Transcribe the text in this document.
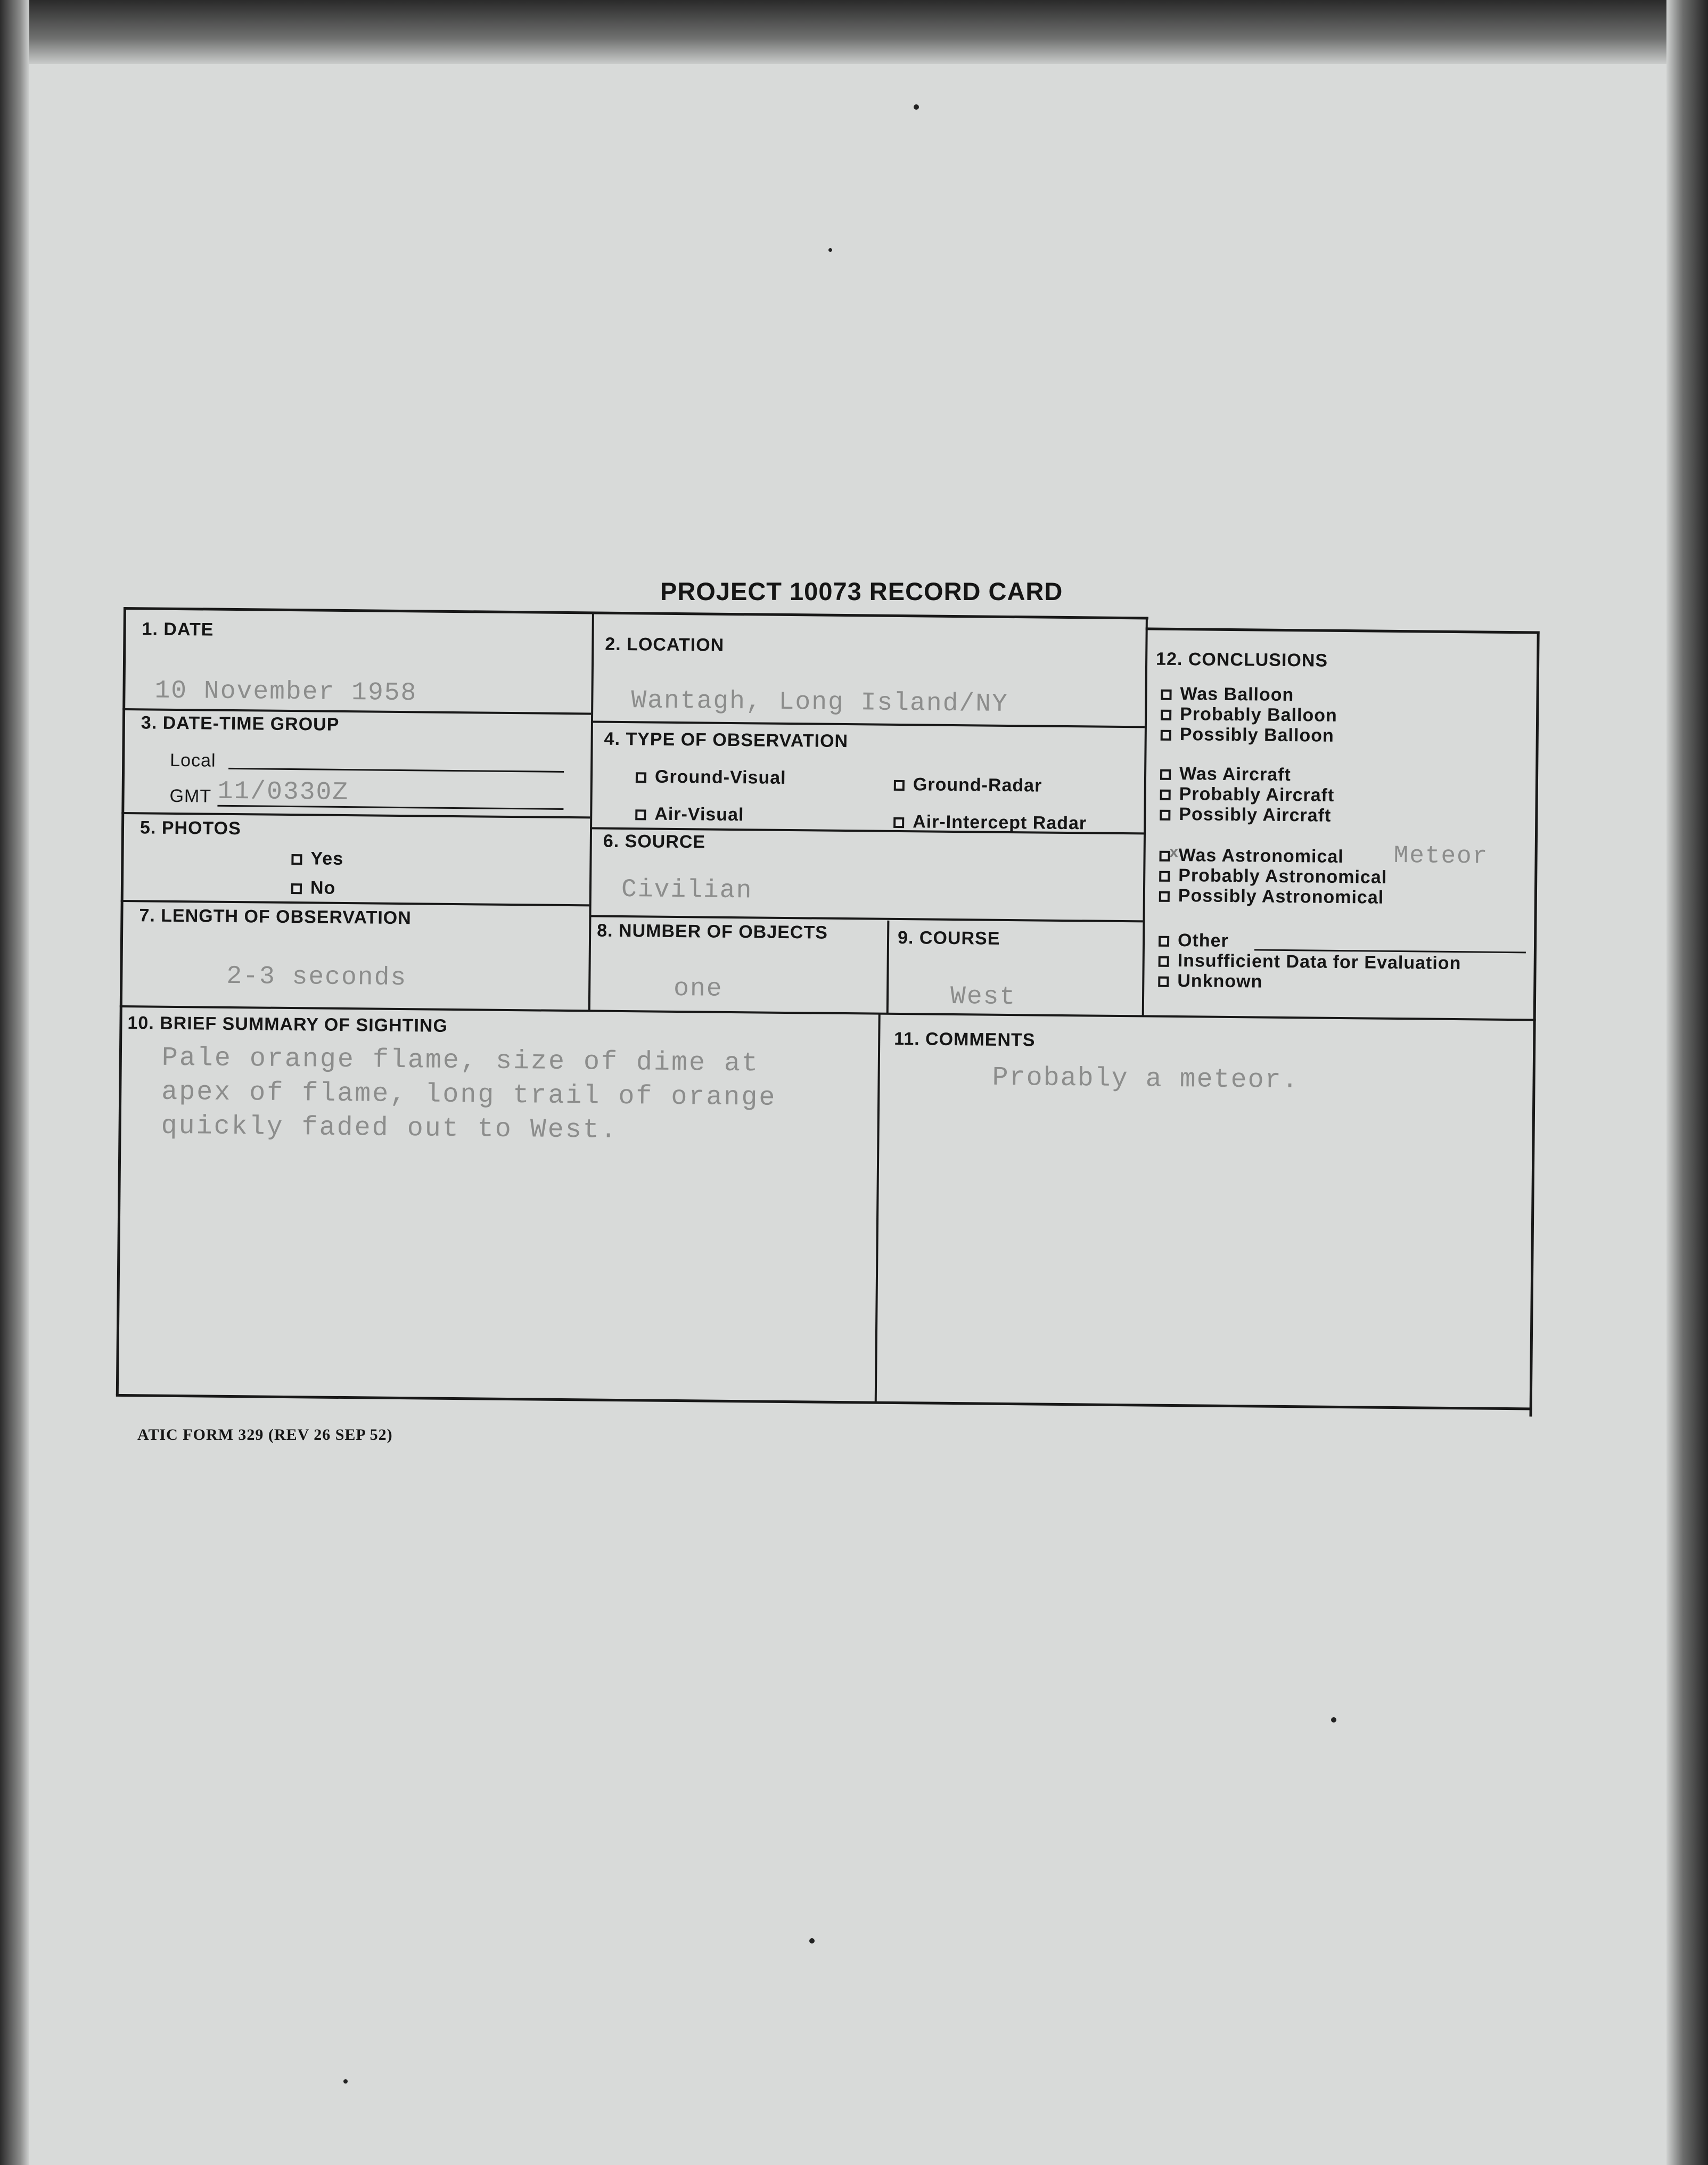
PROJECT 10073 RECORD CARD
1. DATE
10 November 1958
2. LOCATION
Wantagh, Long Island/NY
3. DATE-TIME GROUP
Local
GMT 11/0330Z
4. TYPE OF OBSERVATION
Ground-Visual	Ground-Radar
Air-Visual	Air-Intercept Radar
5. PHOTOS
Yes
No
6. SOURCE
Civilian
7. LENGTH OF OBSERVATION
2-3 seconds
8. NUMBER OF OBJECTS
one
9. COURSE
West
10. BRIEF SUMMARY OF SIGHTING
Pale orange flame, size of dime at
apex of flame, long trail of orange
quickly faded out to West.
11. COMMENTS
Probably a meteor.
12. CONCLUSIONS
Was Balloon
Probably Balloon
Possibly Balloon
Was Aircraft
Probably Aircraft
Possibly Aircraft
x
Was Astronomical Meteor
Probably Astronomical
Possibly Astronomical
Other
Insufficient Data for Evaluation
Unknown
ATIC FORM 329 (REV 26 SEP 52)
